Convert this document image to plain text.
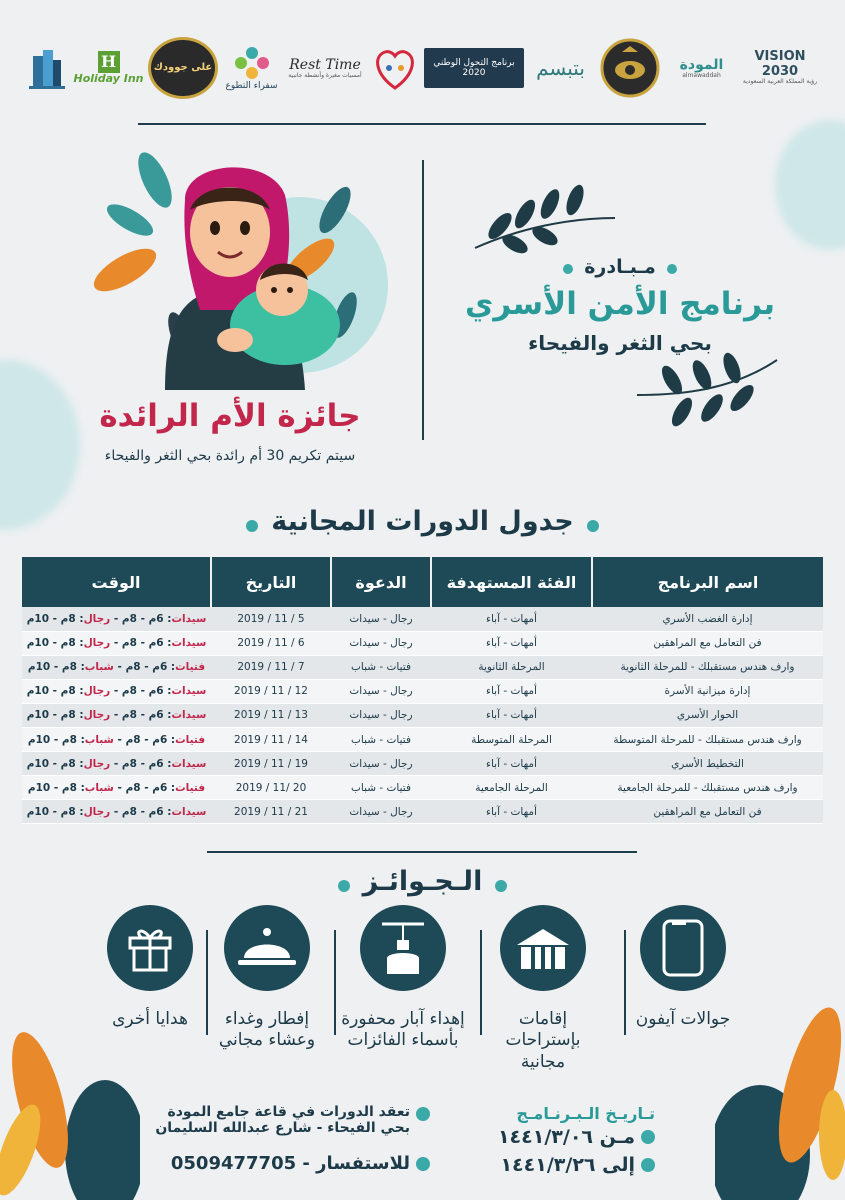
VISION 2030
رؤية المملكة العربية السعودية
المودة
almawaddah
بتبسم
برنامج التحول الوطني 2020
Rest Time
أمسيات مغيرة وأنشطة جانبية
سفراء التطوع
على جوودك
H
Holiday Inn
مـبـادرة
برنامج الأمن الأسري
بحي الثغر والفيحاء
جائزة الأم الرائدة
سيتم تكريم 30 أم رائدة بحي الثغر والفيحاء
جدول الدورات المجانية
اسم البرنامج	الفئة المستهدفة	الدعوة	التاريخ	الوقت
إدارة الغضب الأسري	أمهات - آباء	رجال - سيدات	5 / 11 / 2019	سيدات: 6م - 8م - رجال: 8م - 10م
فن التعامل مع المراهقين	أمهات - آباء	رجال - سيدات	6 / 11 / 2019	سيدات: 6م - 8م - رجال: 8م - 10م
وارف هندس مستقبلك - للمرحلة الثانوية	المرحلة الثانوية	فتيات - شباب	7 / 11 / 2019	فتيات: 6م - 8م - شباب: 8م - 10م
إدارة ميزانية الأسرة	أمهات - آباء	رجال - سيدات	12 / 11 / 2019	سيدات: 6م - 8م - رجال: 8م - 10م
الحوار الأسري	أمهات - آباء	رجال - سيدات	13 / 11 / 2019	سيدات: 6م - 8م - رجال: 8م - 10م
وارف هندس مستقبلك - للمرحلة المتوسطة	المرحلة المتوسطة	فتيات - شباب	14 / 11 / 2019	فتيات: 6م - 8م - شباب: 8م - 10م
التخطيط الأسري	أمهات - آباء	رجال - سيدات	19 / 11 / 2019	سيدات: 6م - 8م - رجال: 8م - 10م
وارف هندس مستقبلك - للمرحلة الجامعية	المرحلة الجامعية	فتيات - شباب	20 /11 / 2019	فتيات: 6م - 8م - شباب: 8م - 10م
فن التعامل مع المراهقين	أمهات - آباء	رجال - سيدات	21 / 11 / 2019	سيدات: 6م - 8م - رجال: 8م - 10م
الـجـوائـز
جوالات آيفون
إقامات بإستراحات مجانية
إهداء آبار محفورة بأسماء الفائزات
إفطار وغداء وعشاء مجاني
هدايا أخرى
تـاريـخ الـبـرنـامـج
مـن ١٤٤١/٣/٠٦
إلى ١٤٤١/٣/٢٦
تعقد الدورات في قاعة جامع المودة
بحي الفيحاء - شارع عبدالله السليمان
للاستفسار - 0509477705
